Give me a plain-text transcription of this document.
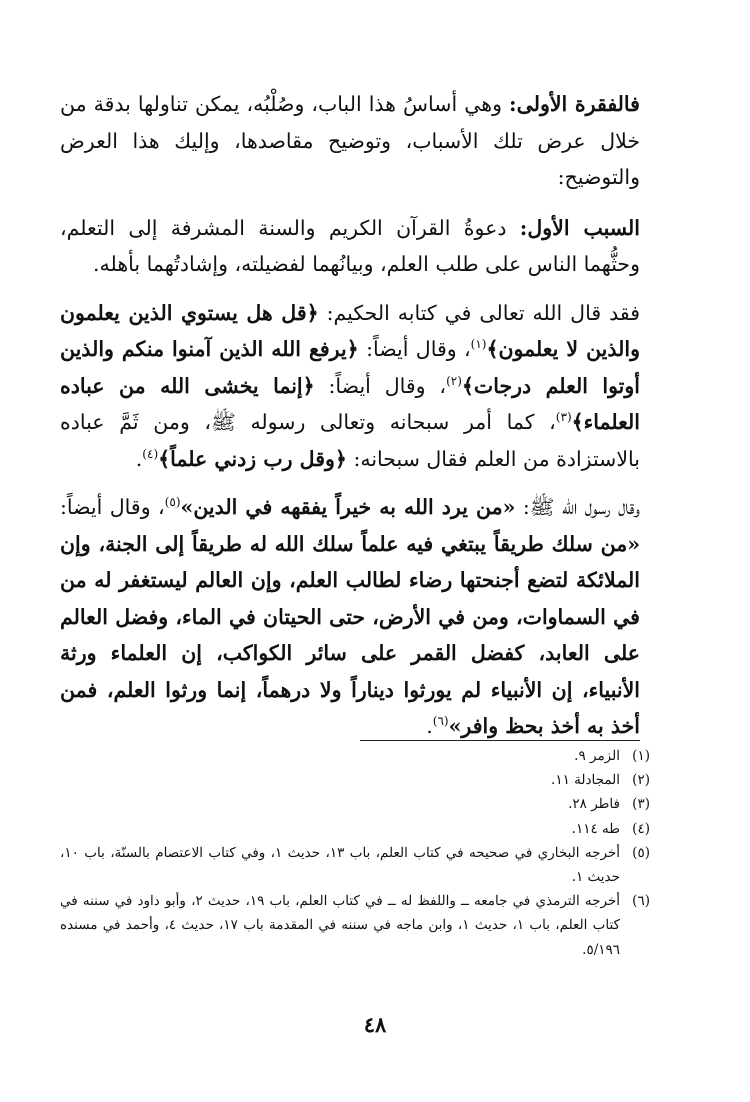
فالفقرة الأولى: وهي أساسُ هذا الباب، وصُلْبُه، يمكن تناولها بدقة من خلال عرض تلك الأسباب، وتوضيح مقاصدها، وإليك هذا العرض والتوضيح:

السبب الأول: دعوةُ القرآن الكريم والسنة المشرفة إلى التعلم، وحثُّهما الناس على طلب العلم، وبيانُهما لفضيلته، وإشادتُهما بأهله.

فقد قال الله تعالى في كتابه الحكيم: ﴿قل هل يستوي الذين يعلمون والذين لا يعلمون﴾$^{(١)}$، وقال أيضاً: ﴿يرفع الله الذين آمنوا منكم والذين أوتوا العلم درجات﴾$^{(٢)}$، وقال أيضاً: ﴿إنما يخشى الله من عباده العلماء﴾$^{(٣)}$، كما أمر سبحانه وتعالى رسوله ﷺ، ومن ثَمَّ عباده بالاستزادة من العلم فقال سبحانه: ﴿وقل رب زدني علماً﴾$^{(٤)}$.

وقال رسول الله ﷺ: «من يرد الله به خيراً يفقهه في الدين»$^{(٥)}$، وقال أيضاً: «من سلك طريقاً يبتغي فيه علماً سلك الله له طريقاً إلى الجنة، وإن الملائكة لتضع أجنحتها رضاء لطالب العلم، وإن العالم ليستغفر له من في السماوات، ومن في الأرض، حتى الحيتان في الماء، وفضل العالم على العابد، كفضل القمر على سائر الكواكب، إن العلماء ورثة الأنبياء، إن الأنبياء لم يورثوا ديناراً ولا درهماً، إنما ورثوا العلم، فمن أخذ به أخذ بحظ وافر»$^{(٦)}$.

(١)
الزمر ٩.

(٢)
المجادلة ١١.

(٣)
فاطر ٢٨.

(٤)
طه ١١٤.

(٥)
أخرجه البخاري في صحيحه في كتاب العلم، باب ١٣، حديث ١، وفي كتاب الاعتصام بالسنّة، باب ١٠، حديث ١.

(٦)
أخرجه الترمذي في جامعه ــ واللفظ له ــ في كتاب العلم، باب ١٩، حديث ٢، وأبو داود في سننه في كتاب العلم، باب ١، حديث ١، وابن ماجه في سننه في المقدمة باب ١٧، حديث ٤، وأحمد في مسنده ٥/١٩٦.

٤٨
